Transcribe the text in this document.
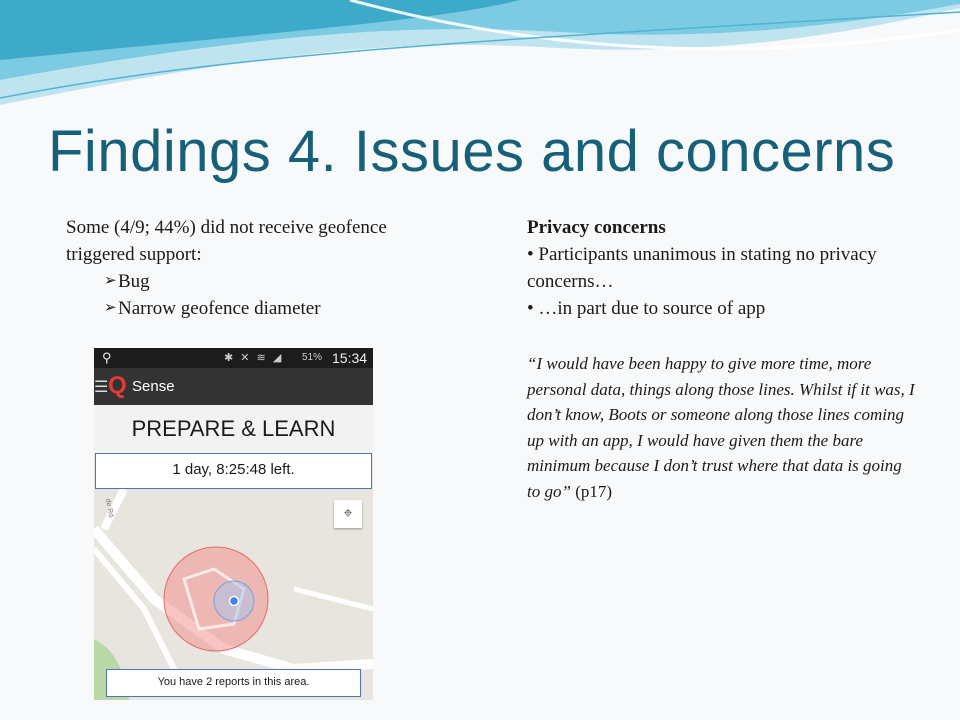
Findings 4. Issues and concerns
Some (4/9; 44%) did not receive geofence triggered support:
➢ Bug
➢ Narrow geofence diameter
Privacy concerns
• Participants unanimous in stating no privacy concerns…
• …in part due to source of app
“I would have been happy to give more time, more personal data, things along those lines. Whilst if it was, I don’t know, Boots or someone along those lines coming up with an app, I would have given them the bare minimum because I don’t trust where that data is going to go” (p17)
⚲	✱ ✕ ≋ ◢ 51% 15:34
☰ Q Sense
PREPARE & LEARN
1 day, 8:25:48 left.
de Rd	⌖
You have 2 reports in this area.
